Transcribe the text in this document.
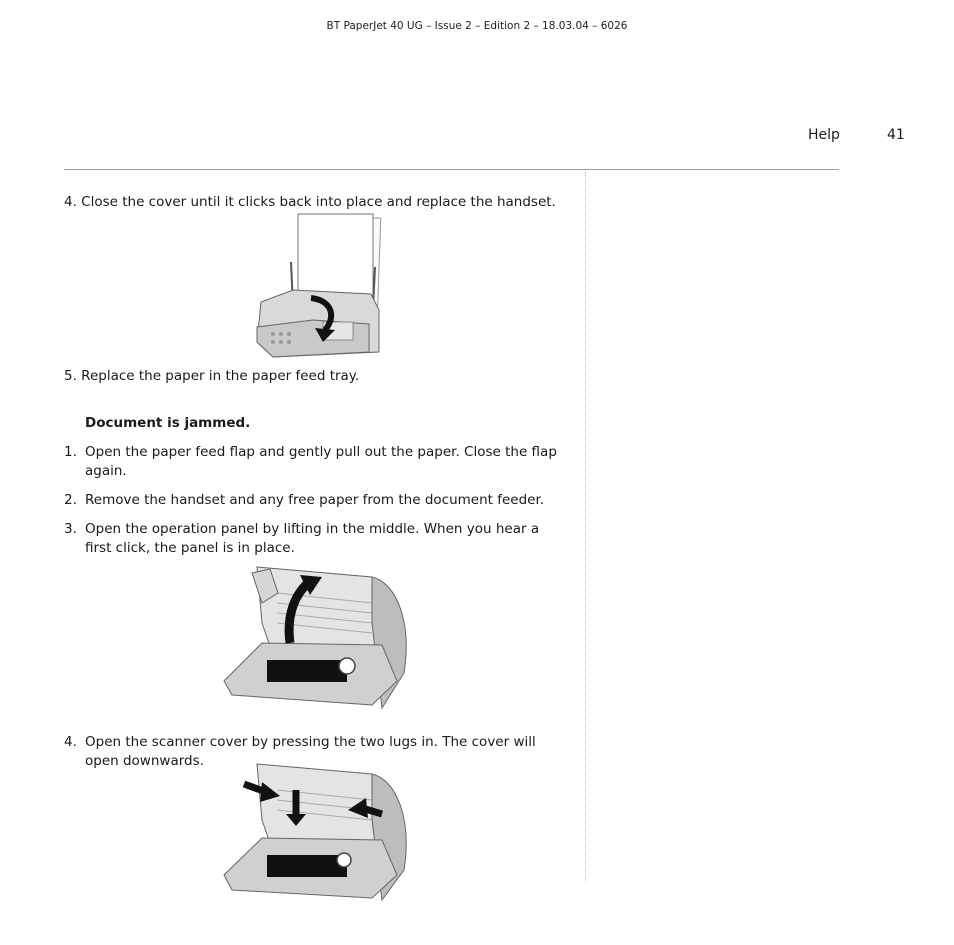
BT PaperJet 40 UG – Issue 2 – Edition 2 – 18.03.04 – 6026
Help	41
4. Close the cover until it clicks back into place and replace the handset.
5. Replace the paper in the paper feed tray.
Document is jammed.
1. Open the paper feed flap and gently pull out the paper. Close the flap again.
2. Remove the handset and any free paper from the document feeder.
3. Open the operation panel by lifting in the middle. When you hear a first click, the panel is in place.
4. Open the scanner cover by pressing the two lugs in. The cover will open downwards.
